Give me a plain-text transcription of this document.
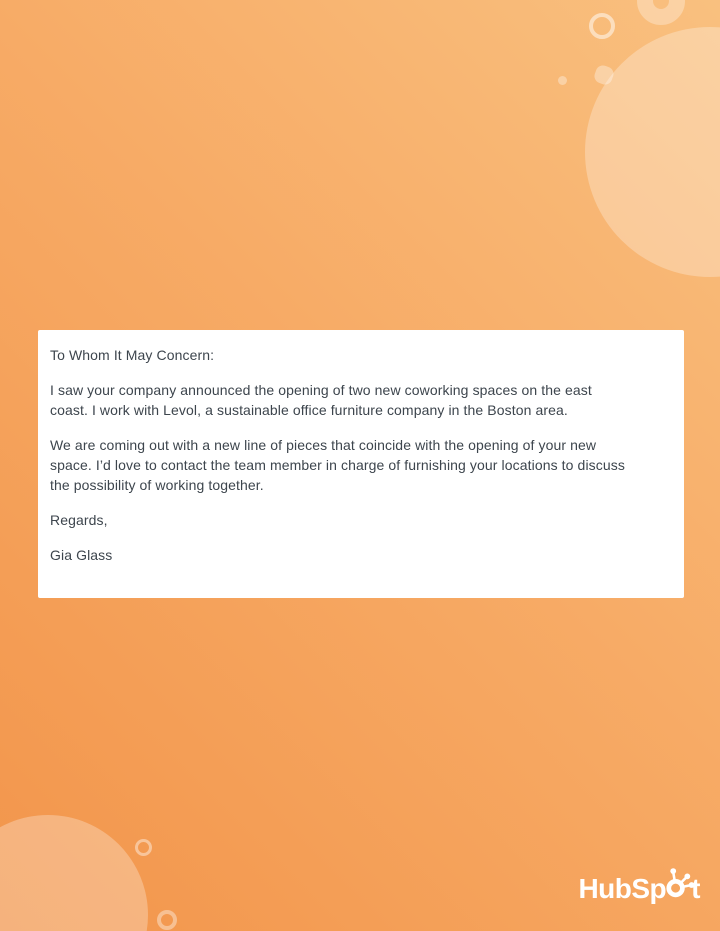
To Whom It May Concern:
I saw your company announced the opening of two new coworking spaces on the east
coast. I work with Levol, a sustainable office furniture company in the Boston area.
We are coming out with a new line of pieces that coincide with the opening of your new
space. I’d love to contact the team member in charge of furnishing your locations to discuss
the possibility of working together.
Regards,
Gia Glass
HubSp t
